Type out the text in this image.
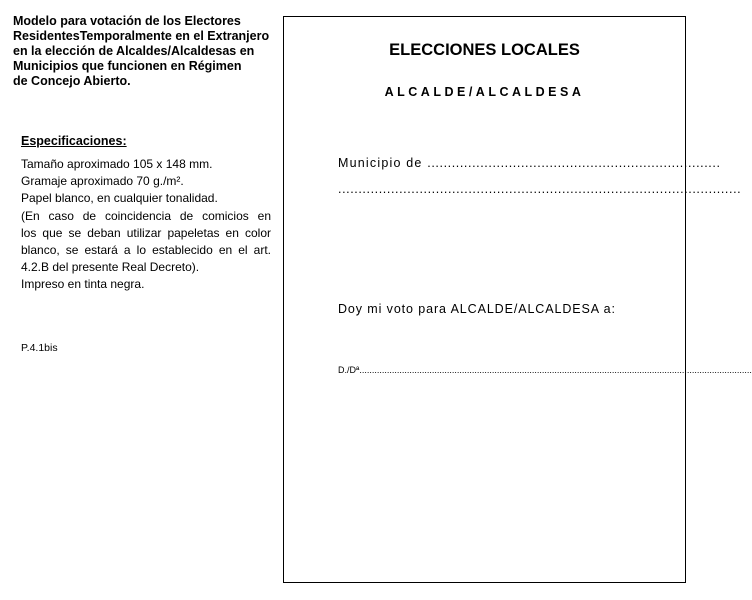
Modelo para votación de los Electores
ResidentesTemporalmente en el Extranjero
en la elección de Alcaldes/Alcaldesas en
Municipios que funcionen en Régimen
de Concejo Abierto.
Especificaciones:
Tamaño aproximado 105 x 148 mm.
Gramaje aproximado 70 g./m².
Papel blanco, en cualquier tonalidad.
(En caso de coincidencia de comicios en
los que se deban utilizar papeletas en color
blanco, se estará a lo establecido en el art.
4.2.B del presente Real Decreto).
Impreso en tinta negra.
P.4.1bis
ELECCIONES LOCALES
ALCALDE/ALCALDESA
Municipio de ........................................................................
...................................................................................................
Doy mi voto para ALCALDE/ALCALDESA a:
D./Dª.............................................................................................................................................................
